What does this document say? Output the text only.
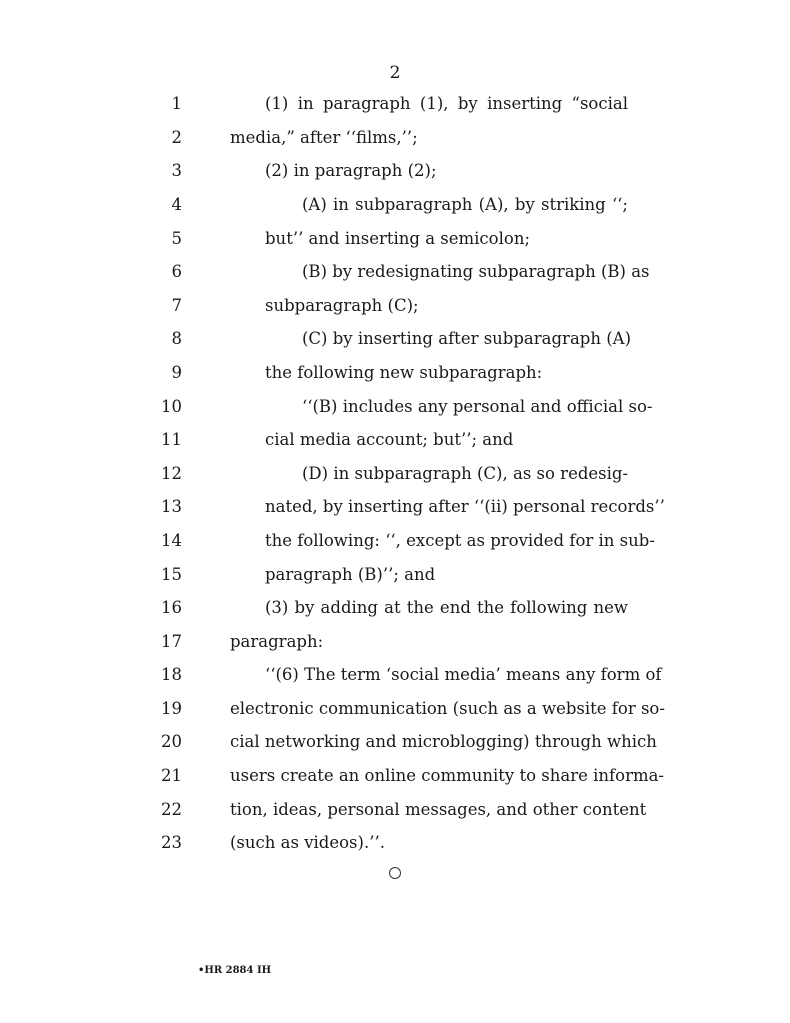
2
1	(1) in paragraph (1), by inserting “social
2	media,” after ‘‘films,’’;
3	(2) in paragraph (2);
4	(A) in subparagraph (A), by striking ‘‘;
5	but’’ and inserting a semicolon;
6	(B) by redesignating subparagraph (B) as
7	subparagraph (C);
8	(C) by inserting after subparagraph (A)
9	the following new subparagraph:
10	‘‘(B) includes any personal and official so-
11	cial media account; but’’; and
12	(D) in subparagraph (C), as so redesig-
13	nated, by inserting after ‘‘(ii) personal records’’
14	the following: ‘‘, except as provided for in sub-
15	paragraph (B)’’; and
16	(3) by adding at the end the following new
17	paragraph:
18	‘‘(6) The term ‘social media’ means any form of
19	electronic communication (such as a website for so-
20	cial networking and microblogging) through which
21	users create an online community to share informa-
22	tion, ideas, personal messages, and other content
23	(such as videos).’’.
•HR 2884 IH
